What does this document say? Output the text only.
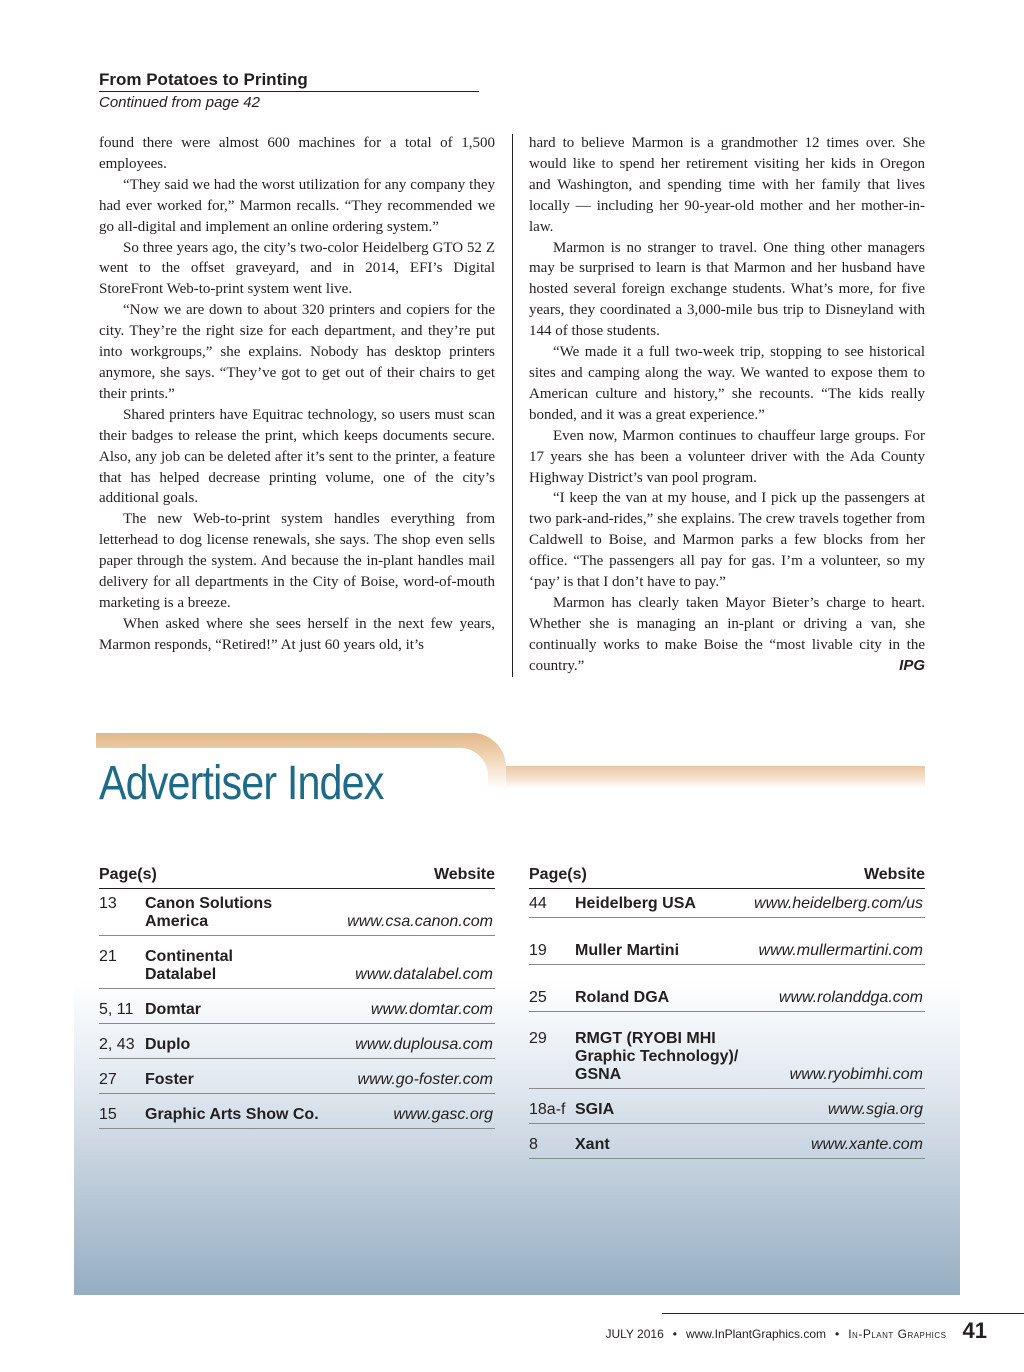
From Potatoes to Printing
Continued from page 42

found there were almost 600 machines for a total of 1,500 employees.

“They said we had the worst utilization for any company they had ever worked for,” Marmon recalls. “They recommended we go all-digital and implement an online ordering system.”

So three years ago, the city’s two-color Heidelberg GTO 52 Z went to the offset graveyard, and in 2014, EFI’s Digital StoreFront Web-to-print system went live.

“Now we are down to about 320 printers and copiers for the city. They’re the right size for each department, and they’re put into workgroups,” she explains. Nobody has desktop printers anymore, she says. “They’ve got to get out of their chairs to get their prints.”

Shared printers have Equitrac technology, so users must scan their badges to release the print, which keeps documents secure. Also, any job can be deleted after it’s sent to the printer, a feature that has helped decrease printing volume, one of the city’s additional goals.

The new Web-to-print system handles everything from letterhead to dog license renewals, she says. The shop even sells paper through the system. And because the in-plant handles mail delivery for all departments in the City of Boise, word-of-mouth marketing is a breeze.

When asked where she sees herself in the next few years, Marmon responds, “Retired!” At just 60 years old, it’s

hard to believe Marmon is a grandmother 12 times over. She would like to spend her retirement visiting her kids in Oregon and Washington, and spending time with her family that lives locally — including her 90-year-old mother and her mother-in-law.

Marmon is no stranger to travel. One thing other managers may be surprised to learn is that Marmon and her husband have hosted several foreign exchange students. What’s more, for five years, they coordinated a 3,000-mile bus trip to Disneyland with 144 of those students.

“We made it a full two-week trip, stopping to see historical sites and camping along the way. We wanted to expose them to American culture and history,” she recounts. “The kids really bonded, and it was a great experience.”

Even now, Marmon continues to chauffeur large groups. For 17 years she has been a volunteer driver with the Ada County Highway District’s van pool program.

“I keep the van at my house, and I pick up the passengers at two park-and-rides,” she explains. The crew travels together from Caldwell to Boise, and Marmon parks a few blocks from her office. “The passengers all pay for gas. I’m a volunteer, so my ‘pay’ is that I don’t have to pay.”

Marmon has clearly taken Mayor Bieter’s charge to heart. Whether she is managing an in-plant or driving a van, she continually works to make Boise the “most livable city in the country.”	IPG

Advertiser Index
Page(s)	Website
13	Canon Solutions America	www.csa.canon.com
21	Continental Datalabel	www.datalabel.com
5, 11 Domtar	www.domtar.com
2, 43 Duplo	www.duplousa.com
27	Foster	www.go-foster.com
15	Graphic Arts Show Co.	www.gasc.org
Page(s)	Website
44	Heidelberg USA	www.heidelberg.com/us
19	Muller Martini	www.mullermartini.com
25	Roland DGA	www.rolanddga.com
29	RMGT (RYOBI MHI Graphic Technology)/ GSNA	www.ryobimhi.com
18a-f SGIA	www.sgia.org
8	Xant	www.xante.com
JULY 2016 • www.InPlantGraphics.com • In-Plant Graphics 41
